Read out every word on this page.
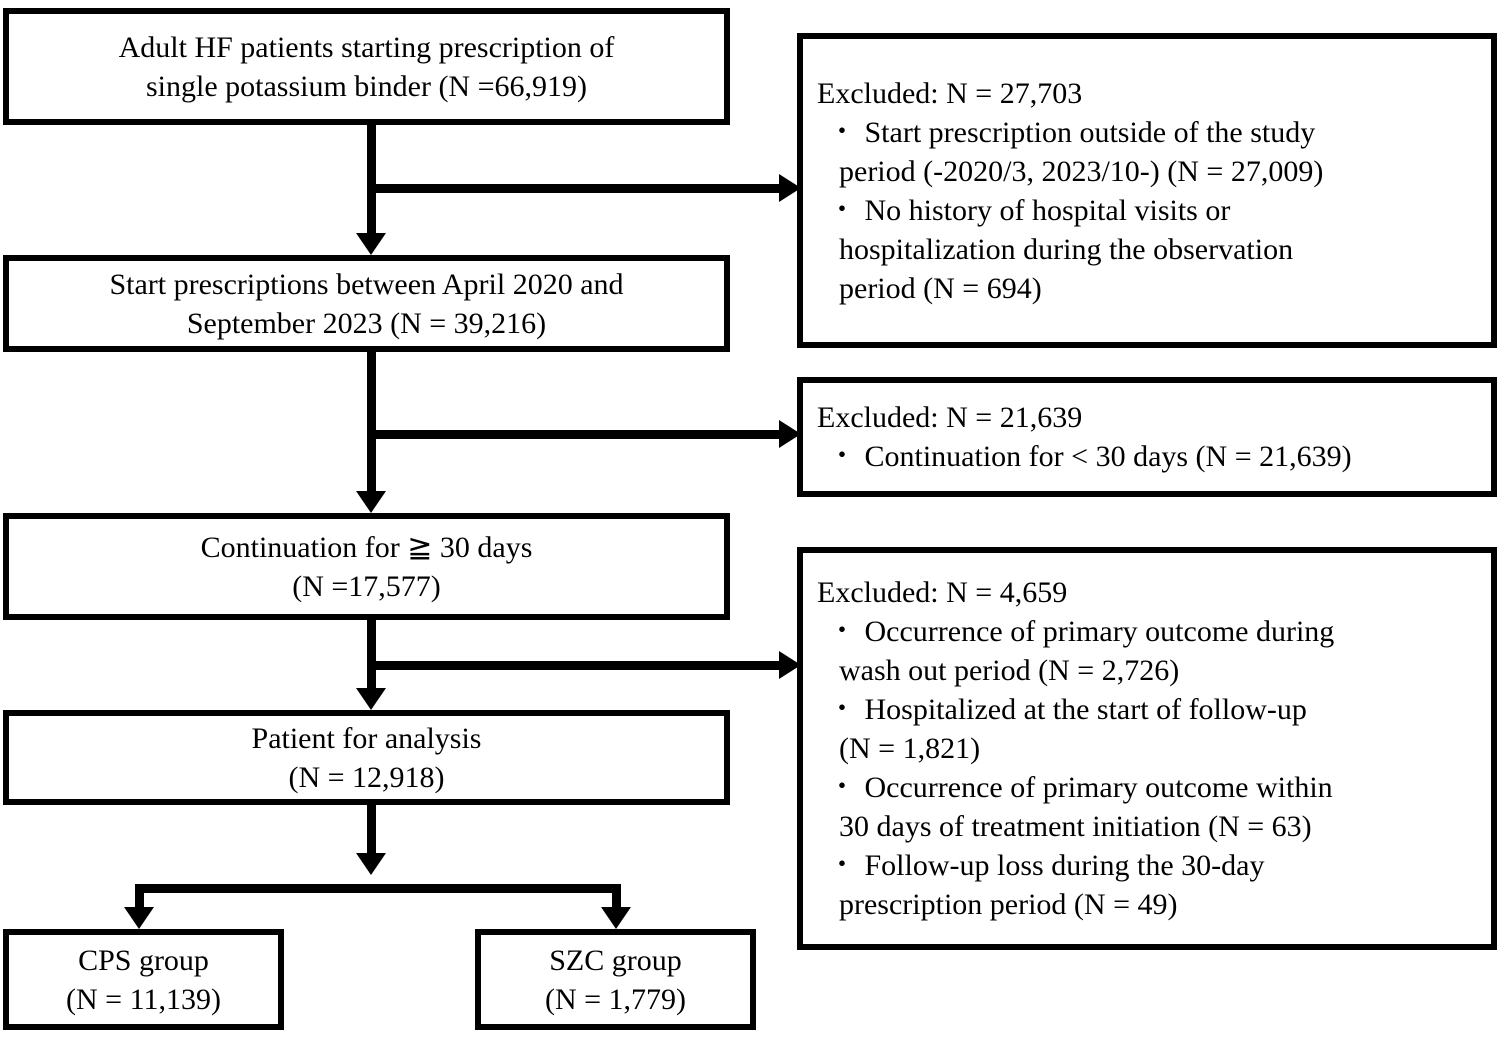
Adult HF patients starting prescription of
single potassium binder (N =66,919)
Start prescriptions between April 2020 and
September 2023 (N = 39,216)
Continuation for ≧ 30 days
(N =17,577)
Patient for analysis
(N = 12,918)
CPS group
(N = 11,139)
SZC group
(N = 1,779)
Excluded: N = 27,703
・ Start prescription outside of the study
period (-2020/3, 2023/10-) (N = 27,009)
・ No history of hospital visits or
hospitalization during the observation
period (N = 694)
Excluded: N = 21,639
・ Continuation for < 30 days (N = 21,639)
Excluded: N = 4,659
・ Occurrence of primary outcome during
wash out period (N = 2,726)
・ Hospitalized at the start of follow-up
(N = 1,821)
・ Occurrence of primary outcome within
30 days of treatment initiation (N = 63)
・ Follow-up loss during the 30-day
prescription period (N = 49)
